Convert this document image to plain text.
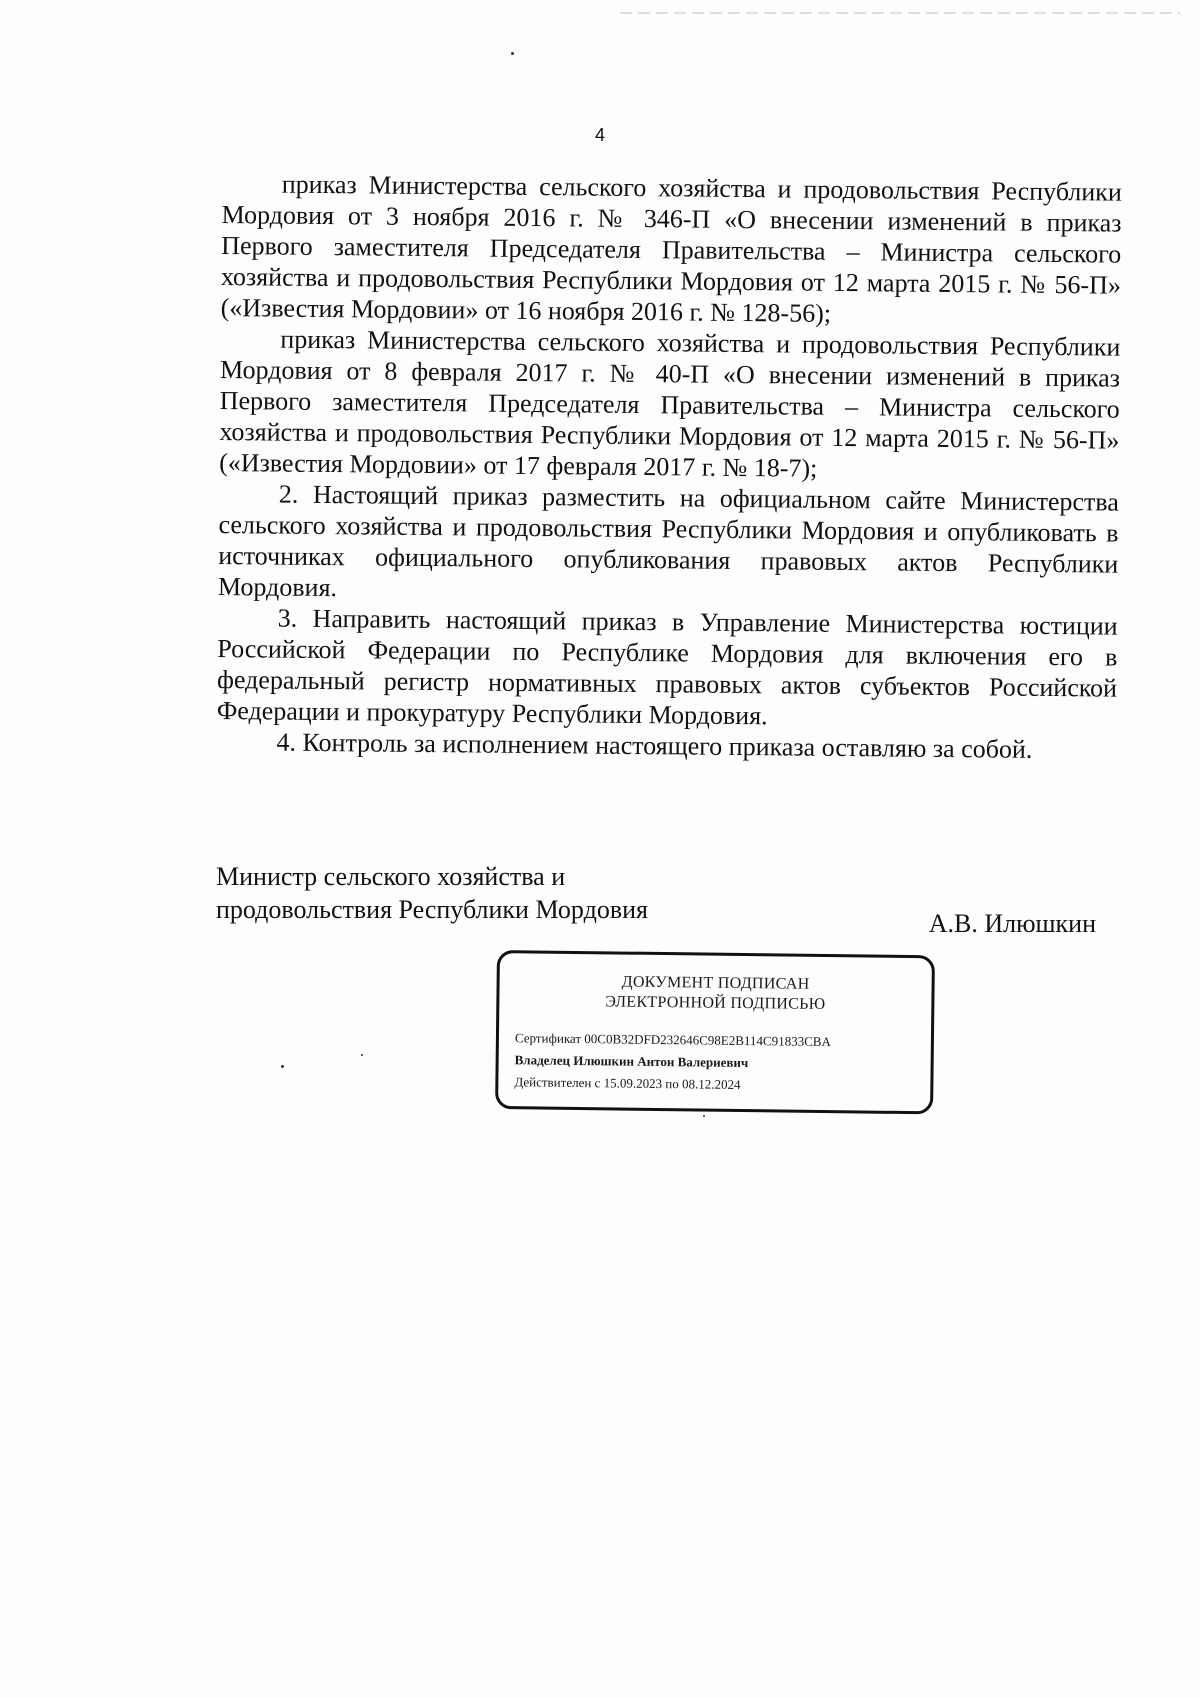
4

приказ Министерства сельского хозяйства и продовольствия Республики Мордовия от 3 ноября 2016 г. № 346-П «О внесении изменений в приказ Первого заместителя Председателя Правительства – Министра сельского хозяйства и продовольствия Республики Мордовия от 12 марта 2015 г. № 56-П» («Известия Мордовии» от 16 ноября 2016 г. № 128-56);

приказ Министерства сельского хозяйства и продовольствия Республики Мордовия от 8 февраля 2017 г. № 40-П «О внесении изменений в приказ Первого заместителя Председателя Правительства – Министра сельского хозяйства и продовольствия Республики Мордовия от 12 марта 2015 г. № 56-П» («Известия Мордовии» от 17 февраля 2017 г. № 18-7);

2. Настоящий приказ разместить на официальном сайте Министерства сельского хозяйства и продовольствия Республики Мордовия и опубликовать в источниках официального опубликования правовых актов Республики Мордовия.

3. Направить настоящий приказ в Управление Министерства юстиции Российской Федерации по Республике Мордовия для включения его в федеральный регистр нормативных правовых актов субъектов Российской Федерации и прокуратуру Республики Мордовия.

4. Контроль за исполнением настоящего приказа оставляю за собой.

Министр сельского хозяйства и

продовольствия Республики Мордовия	А.В. Илюшкин

ДОКУМЕНТ ПОДПИСАН
ЭЛЕКТРОННОЙ ПОДПИСЬЮ

Сертификат 00C0B32DFD232646C98E2B114C91833CBA

Владелец Илюшкин Антон Валериевич

Действителен с 15.09.2023 по 08.12.2024
